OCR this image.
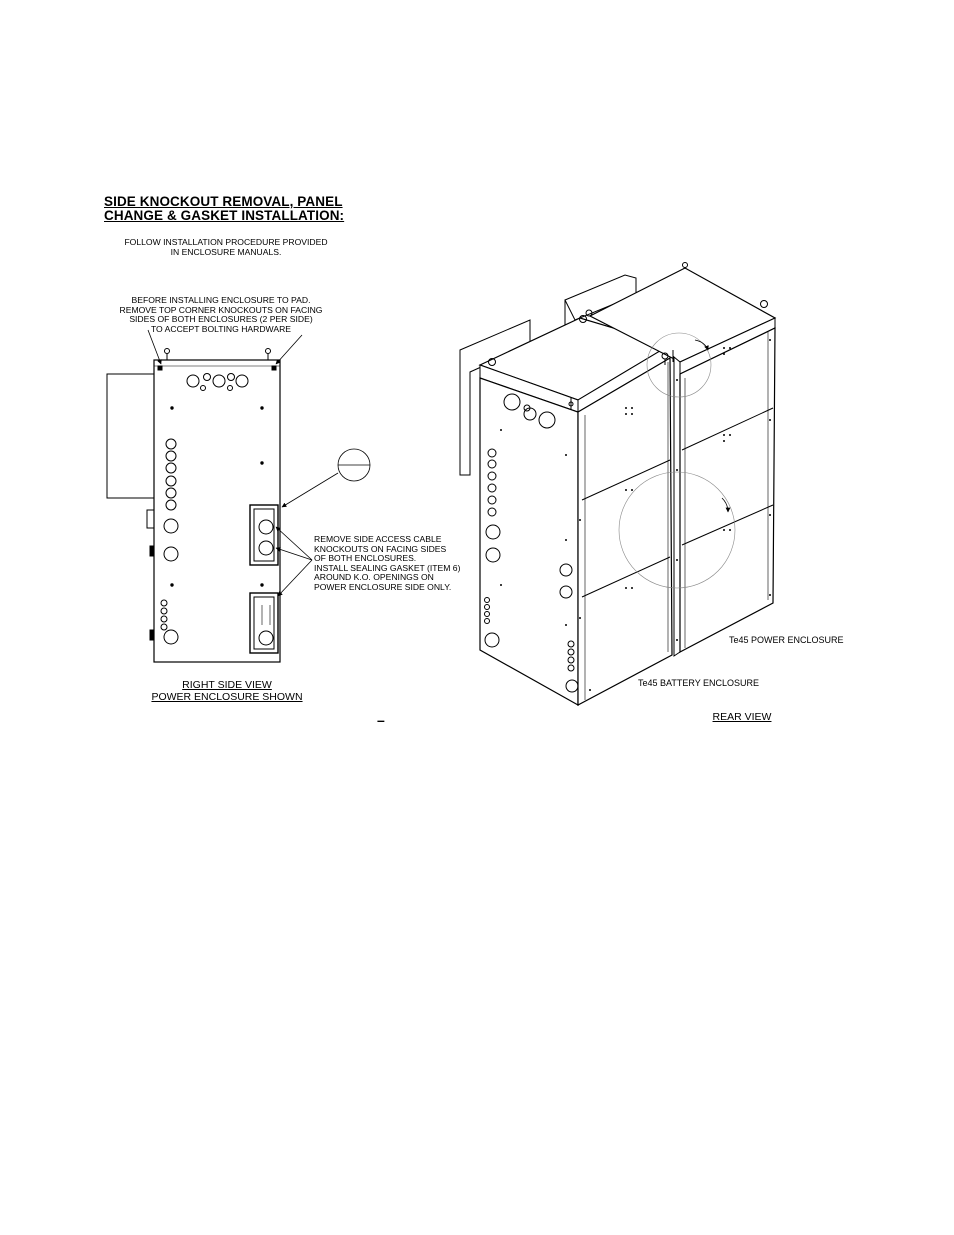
SIDE KNOCKOUT REMOVAL, PANEL
CHANGE & GASKET INSTALLATION:
FOLLOW INSTALLATION PROCEDURE PROVIDED
IN ENCLOSURE MANUALS.
BEFORE INSTALLING ENCLOSURE TO PAD.
REMOVE TOP CORNER KNOCKOUTS ON FACING
SIDES OF BOTH ENCLOSURES (2 PER SIDE)
TO ACCEPT BOLTING HARDWARE
REMOVE SIDE ACCESS CABLE
KNOCKOUTS ON FACING SIDES
OF BOTH ENCLOSURES.
INSTALL SEALING GASKET (ITEM 6)
AROUND K.O. OPENINGS ON
POWER ENCLOSURE SIDE ONLY.
RIGHT SIDE VIEW
POWER ENCLOSURE SHOWN
REAR VIEW
–
Te45 POWER ENCLOSURE
Te45 BATTERY ENCLOSURE
